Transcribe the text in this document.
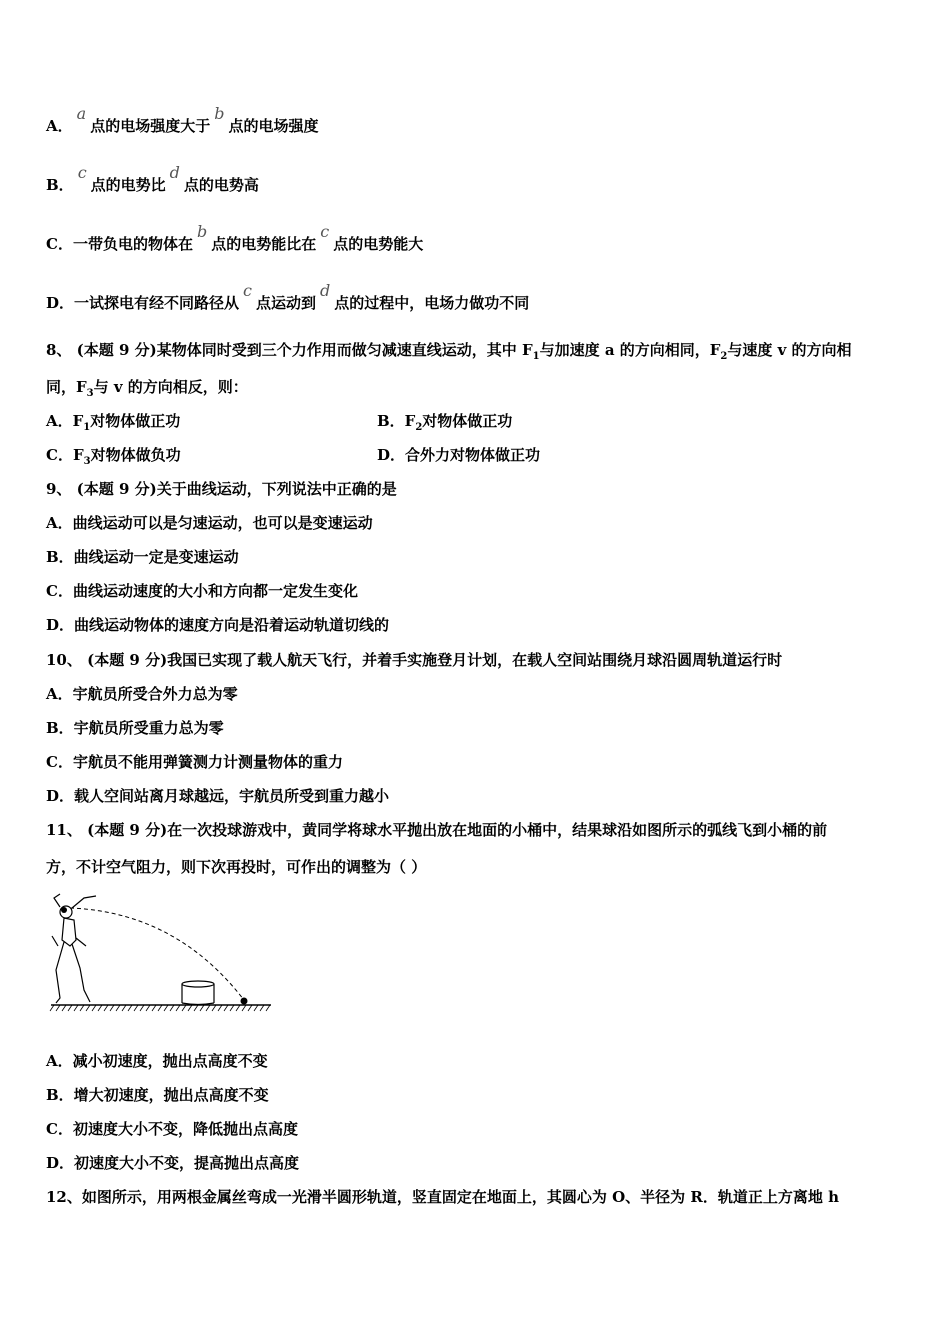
A．a点的电场强度大于b点的电场强度
B．c点的电势比d点的电势高
C．一带负电的物体在b点的电势能比在c点的电势能大
D．一试探电有经不同路径从c点运动到d点的过程中，电场力做功不同
8、 (本题 9 分)某物体同时受到三个力作用而做匀减速直线运动，其中 $F_1$与加速度 a 的方向相同，$F_2$与速度 v 的方向相
同，$F_3$与 v 的方向相反，则：
A．$F_1$对物体做正功	B．$F_2$对物体做正功
C．$F_3$对物体做负功	D．合外力对物体做正功
9、 (本题 9 分)关于曲线运动，下列说法中正确的是
A．曲线运动可以是匀速运动，也可以是变速运动
B．曲线运动一定是变速运动
C．曲线运动速度的大小和方向都一定发生变化
D．曲线运动物体的速度方向是沿着运动轨道切线的
10、 (本题 9 分)我国已实现了载人航天飞行，并着手实施登月计划，在载人空间站围绕月球沿圆周轨道运行时
A．宇航员所受合外力总为零
B．宇航员所受重力总为零
C．宇航员不能用弹簧测力计测量物体的重力
D．载人空间站离月球越远，宇航员所受到重力越小
11、 (本题 9 分)在一次投球游戏中，黄同学将球水平抛出放在地面的小桶中，结果球沿如图所示的弧线飞到小桶的前
方，不计空气阻力，则下次再投时，可作出的调整为（ ）
A．减小初速度，抛出点高度不变
B．增大初速度，抛出点高度不变
C．初速度大小不变，降低抛出点高度
D．初速度大小不变，提高抛出点高度
12、如图所示，用两根金属丝弯成一光滑半圆形轨道，竖直固定在地面上，其圆心为 O、半径为 R．轨道正上方离地 h
